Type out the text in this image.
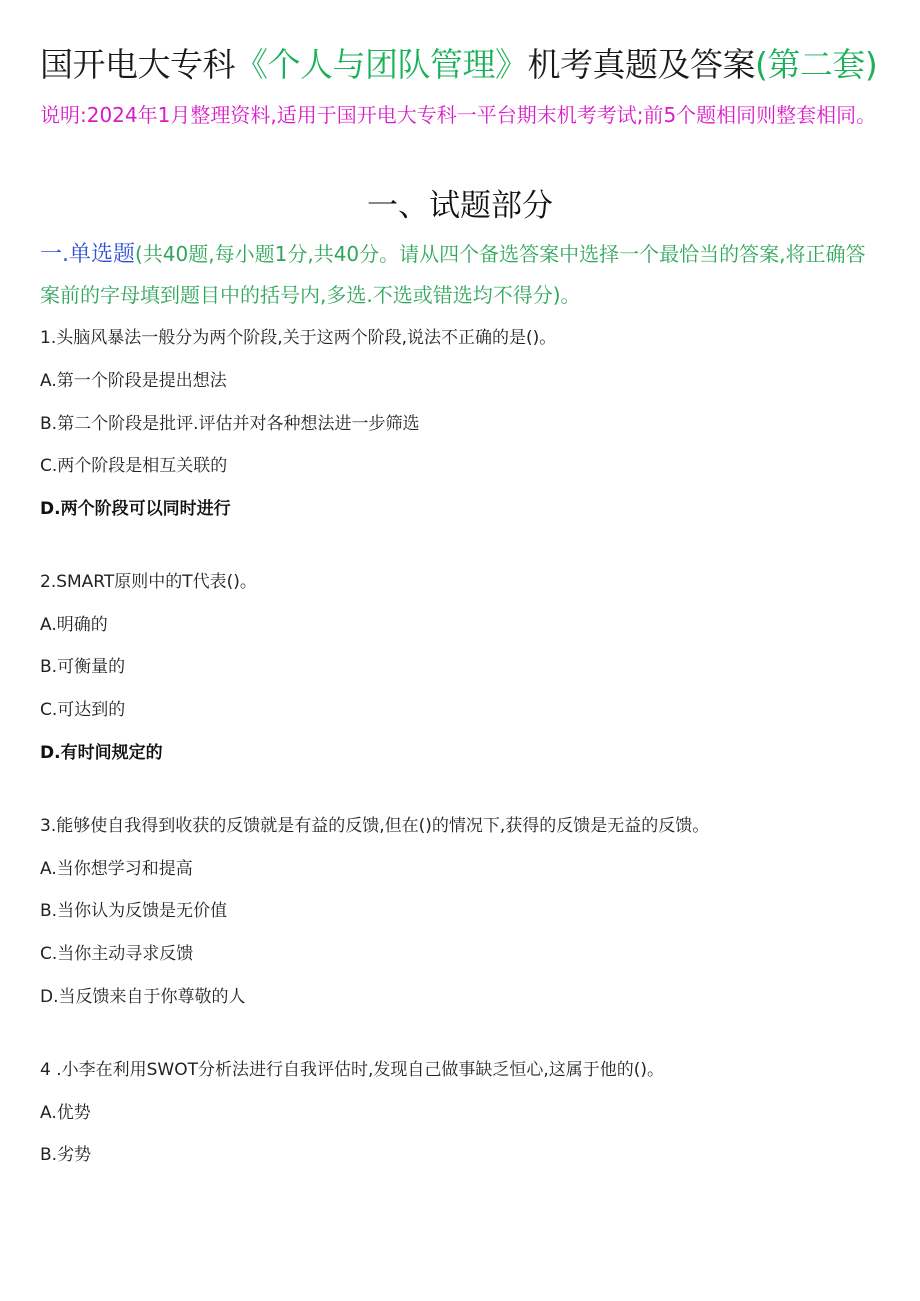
国开电大专科《个人与团队管理》机考真题及答案(第二套)说明:2024年1月整理资料,适用于国开电大专科一平台期末机考考试;前5个题相同则整套相同。
一、试题部分
一.单选题(共40题,每小题1分,共40分。请从四个备选答案中选择一个最恰当的答案,将正确答案前的字母填到题目中的括号内,多选.不选或错选均不得分)。
1.头脑风暴法一般分为两个阶段,关于这两个阶段,说法不正确的是()。
A.第一个阶段是提出想法
B.第二个阶段是批评.评估并对各种想法进一步筛选
C.两个阶段是相互关联的
D.两个阶段可以同时进行
2.SMART原则中的T代表()。
A.明确的
B.可衡量的
C.可达到的
D.有时间规定的
3.能够使自我得到收获的反馈就是有益的反馈,但在()的情况下,获得的反馈是无益的反馈。
A.当你想学习和提高
B.当你认为反馈是无价值
C.当你主动寻求反馈
D.当反馈来自于你尊敬的人
4 .小李在利用SWOT分析法进行自我评估时,发现自己做事缺乏恒心,这属于他的()。
A.优势
B.劣势
